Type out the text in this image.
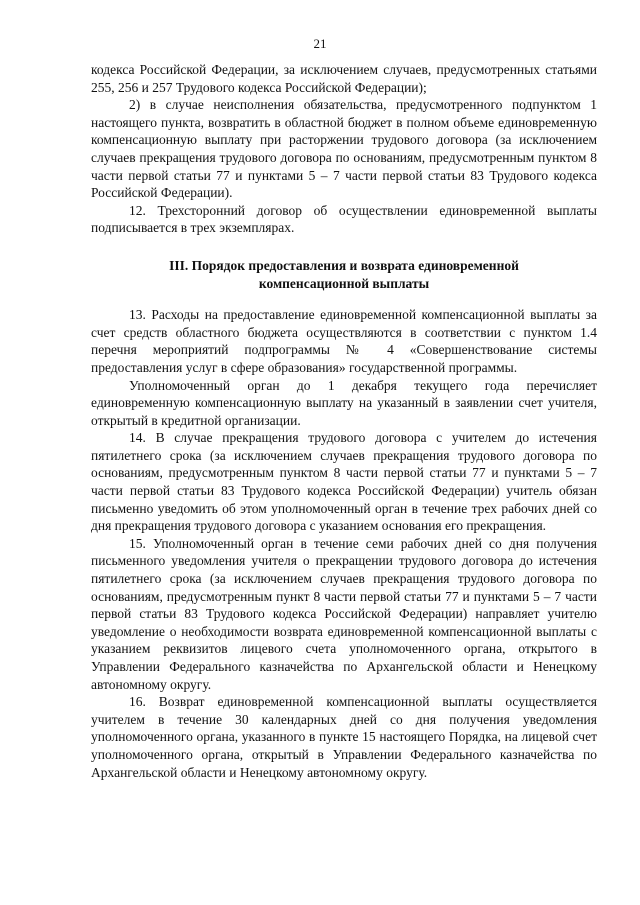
21

кодекса Российской Федерации, за исключением случаев, предусмотренных статьями 255, 256 и 257 Трудового кодекса Российской Федерации);

2) в случае неисполнения обязательства, предусмотренного подпунктом 1 настоящего пункта, возвратить в областной бюджет в полном объеме единовременную компенсационную выплату при расторжении трудового договора (за исключением случаев прекращения трудового договора по основаниям, предусмотренным пунктом 8 части первой статьи 77 и пунктами 5 – 7 части первой статьи 83 Трудового кодекса Российской Федерации).

12. Трехсторонний договор об осуществлении единовременной выплаты подписывается в трех экземплярах.

III. Порядок предоставления и возврата единовременной
компенсационной выплаты

13. Расходы на предоставление единовременной компенсационной выплаты за счет средств областного бюджета осуществляются в соответствии с пунктом 1.4 перечня мероприятий подпрограммы № 4 «Совершенствование системы предоставления услуг в сфере образования» государственной программы.

Уполномоченный орган до 1 декабря текущего года перечисляет единовременную компенсационную выплату на указанный в заявлении счет учителя, открытый в кредитной организации.

14. В случае прекращения трудового договора с учителем до истечения пятилетнего срока (за исключением случаев прекращения трудового договора по основаниям, предусмотренным пунктом 8 части первой статьи 77 и пунктами 5 – 7 части первой статьи 83 Трудового кодекса Российской Федерации) учитель обязан письменно уведомить об этом уполномоченный орган в течение трех рабочих дней со дня прекращения трудового договора с указанием основания его прекращения.

15. Уполномоченный орган в течение семи рабочих дней со дня получения письменного уведомления учителя о прекращении трудового договора до истечения пятилетнего срока (за исключением случаев прекращения трудового договора по основаниям, предусмотренным пункт 8 части первой статьи 77 и пунктами 5 – 7 части первой статьи 83 Трудового кодекса Российской Федерации) направляет учителю уведомление о необходимости возврата единовременной компенсационной выплаты с указанием реквизитов лицевого счета уполномоченного органа, открытого в Управлении Федерального казначейства по Архангельской области и Ненецкому автономному округу.

16. Возврат единовременной компенсационной выплаты осуществляется учителем в течение 30 календарных дней со дня получения уведомления уполномоченного органа, указанного в пункте 15 настоящего Порядка, на лицевой счет уполномоченного органа, открытый в Управлении Федерального казначейства по Архангельской области и Ненецкому автономному округу.
